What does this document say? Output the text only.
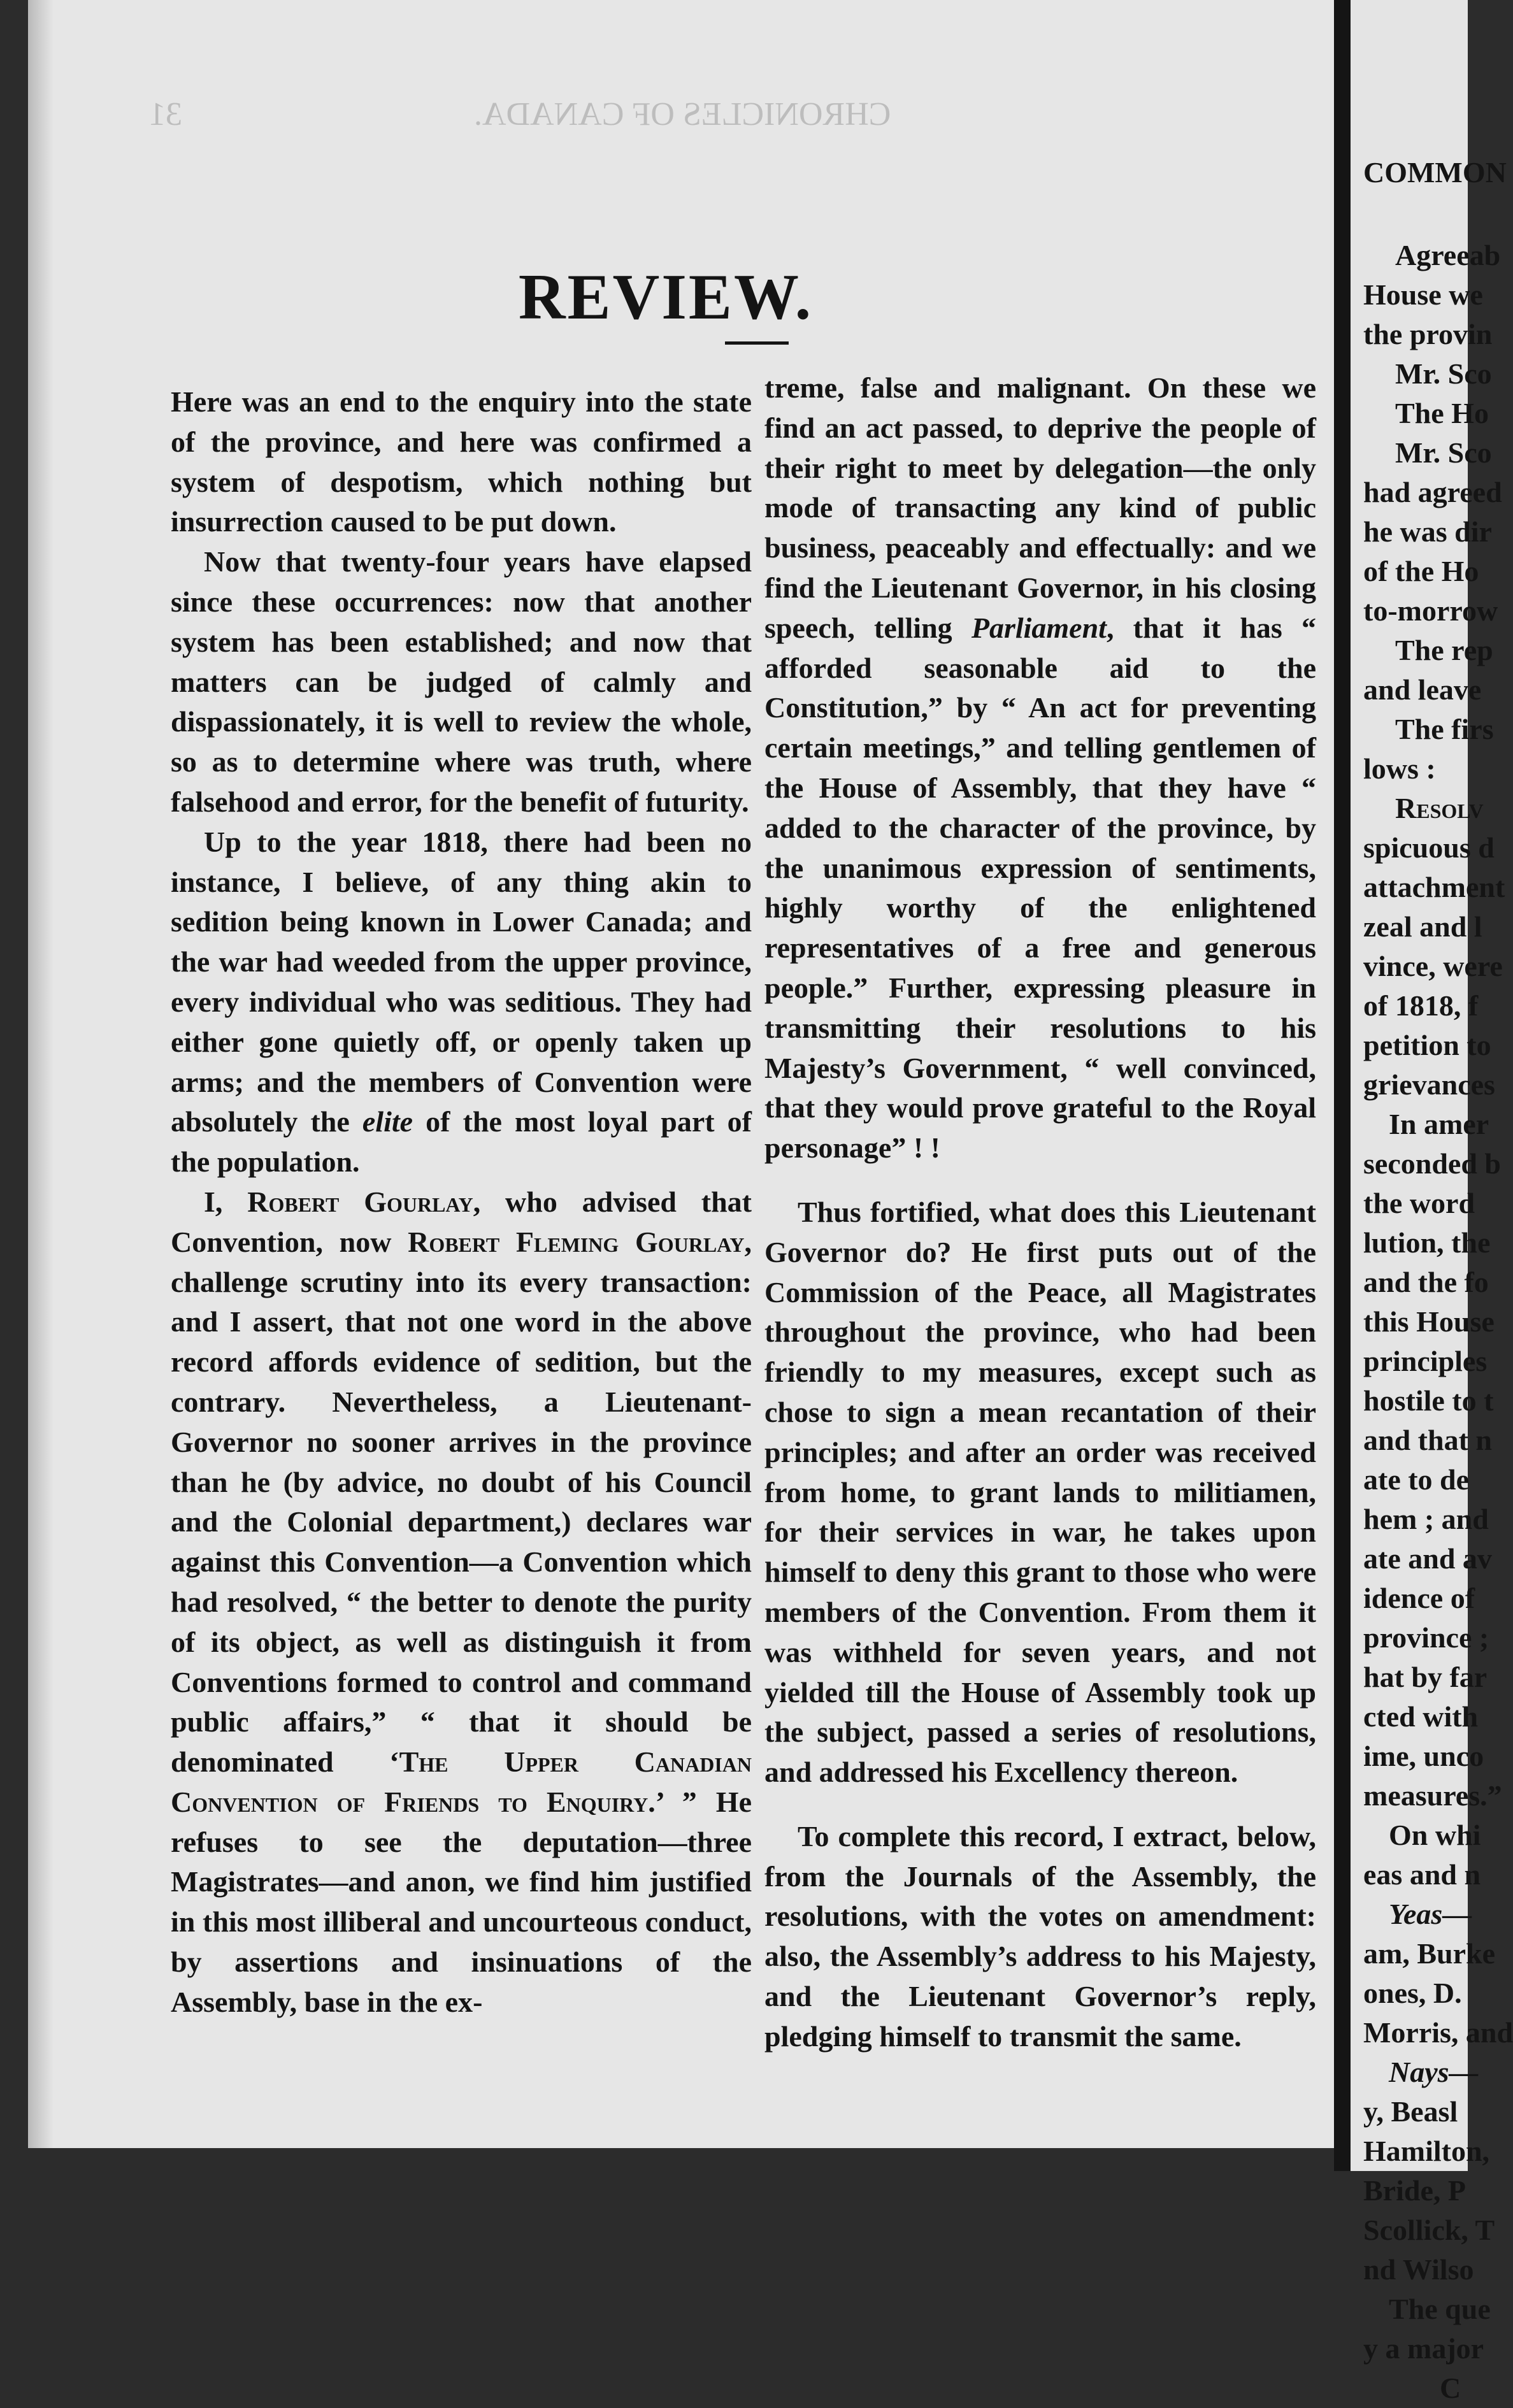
CHRONICLES OF CANADA.
31
REVIEW.

Here was an end to the enquiry into the state of the province, and here was confirmed a system of despotism, which nothing but insurrection caused to be put down.

Now that twenty-four years have elapsed since these occurrences: now that another system has been established; and now that matters can be judged of calmly and dispassionately, it is well to review the whole, so as to determine where was truth, where falsehood and error, for the benefit of futurity.

Up to the year 1818, there had been no instance, I believe, of any thing akin to sedition being known in Lower Canada; and the war had weeded from the upper province, every individual who was seditious. They had either gone quietly off, or openly taken up arms; and the members of Convention were absolutely the elite of the most loyal part of the population.

I, Robert Gourlay, who advised that Convention, now Robert Fleming Gourlay, challenge scrutiny into its every transaction: and I assert, that not one word in the above record affords evidence of sedition, but the contrary. Nevertheless, a Lieutenant-Governor no sooner arrives in the province than he (by advice, no doubt of his Council and the Colonial department,) declares war against this Convention—a Convention which had resolved, “ the better to denote the purity of its object, as well as distinguish it from Conventions formed to control and command public affairs,” “ that it should be denominated ‘The Upper Canadian Convention of Friends to Enquiry.’ ” He refuses to see the deputation—three Magistrates—and anon, we find him justified in this most illiberal and uncourteous conduct, by assertions and insinuations of the Assembly, base in the ex-

treme, false and malignant. On these we find an act passed, to deprive the people of their right to meet by delegation—the only mode of transacting any kind of public business, peaceably and effectually: and we find the Lieutenant Governor, in his closing speech, telling Parliament, that it has “ afforded seasonable aid to the Constitution,” by “ An act for preventing certain meetings,” and telling gentlemen of the House of Assembly, that they have “ added to the character of the province, by the unanimous expression of sentiments, highly worthy of the enlightened representatives of a free and generous people.” Further, expressing pleasure in transmitting their resolutions to his Majesty’s Government, “ well convinced, that they would prove grateful to the Royal personage” ! !

Thus fortified, what does this Lieutenant Governor do? He first puts out of the Commission of the Peace, all Magistrates throughout the province, who had been friendly to my measures, except such as chose to sign a mean recantation of their principles; and after an order was received from home, to grant lands to militiamen, for their services in war, he takes upon himself to deny this grant to those who were members of the Convention. From them it was withheld for seven years, and not yielded till the House of Assembly took up the subject, passed a series of resolutions, and addressed his Excellency thereon.

To complete this record, I extract, below, from the Journals of the Assembly, the resolutions, with the votes on amendment: also, the Assembly’s address to his Majesty, and the Lieutenant Governor’s reply, pledging himself to transmit the same.

COMMON
Agreeab
House we
the provin
Mr. Sco
The Ho
Mr. Sco
had agreed
he was dir
of the Ho
to-morrow
The rep
and leave
The firs
lows :
Resolv
spicuous d
attachment
zeal and l
vince, were
of 1818, f
petition to
grievances
In amer
seconded b
the word
lution, the
and the fo
this House
principles
hostile to t
and that n
ate to de
hem ; and
ate and av
idence of
province ;
hat by far
cted with
ime, unco
measures.”
On whi
eas and n
Yeas—
am, Burke
ones, D.
Morris, and
Nays—
y, Beasl
Hamilton,
Bride, P
Scollick, T
nd Wilso
The que
y a major
C
